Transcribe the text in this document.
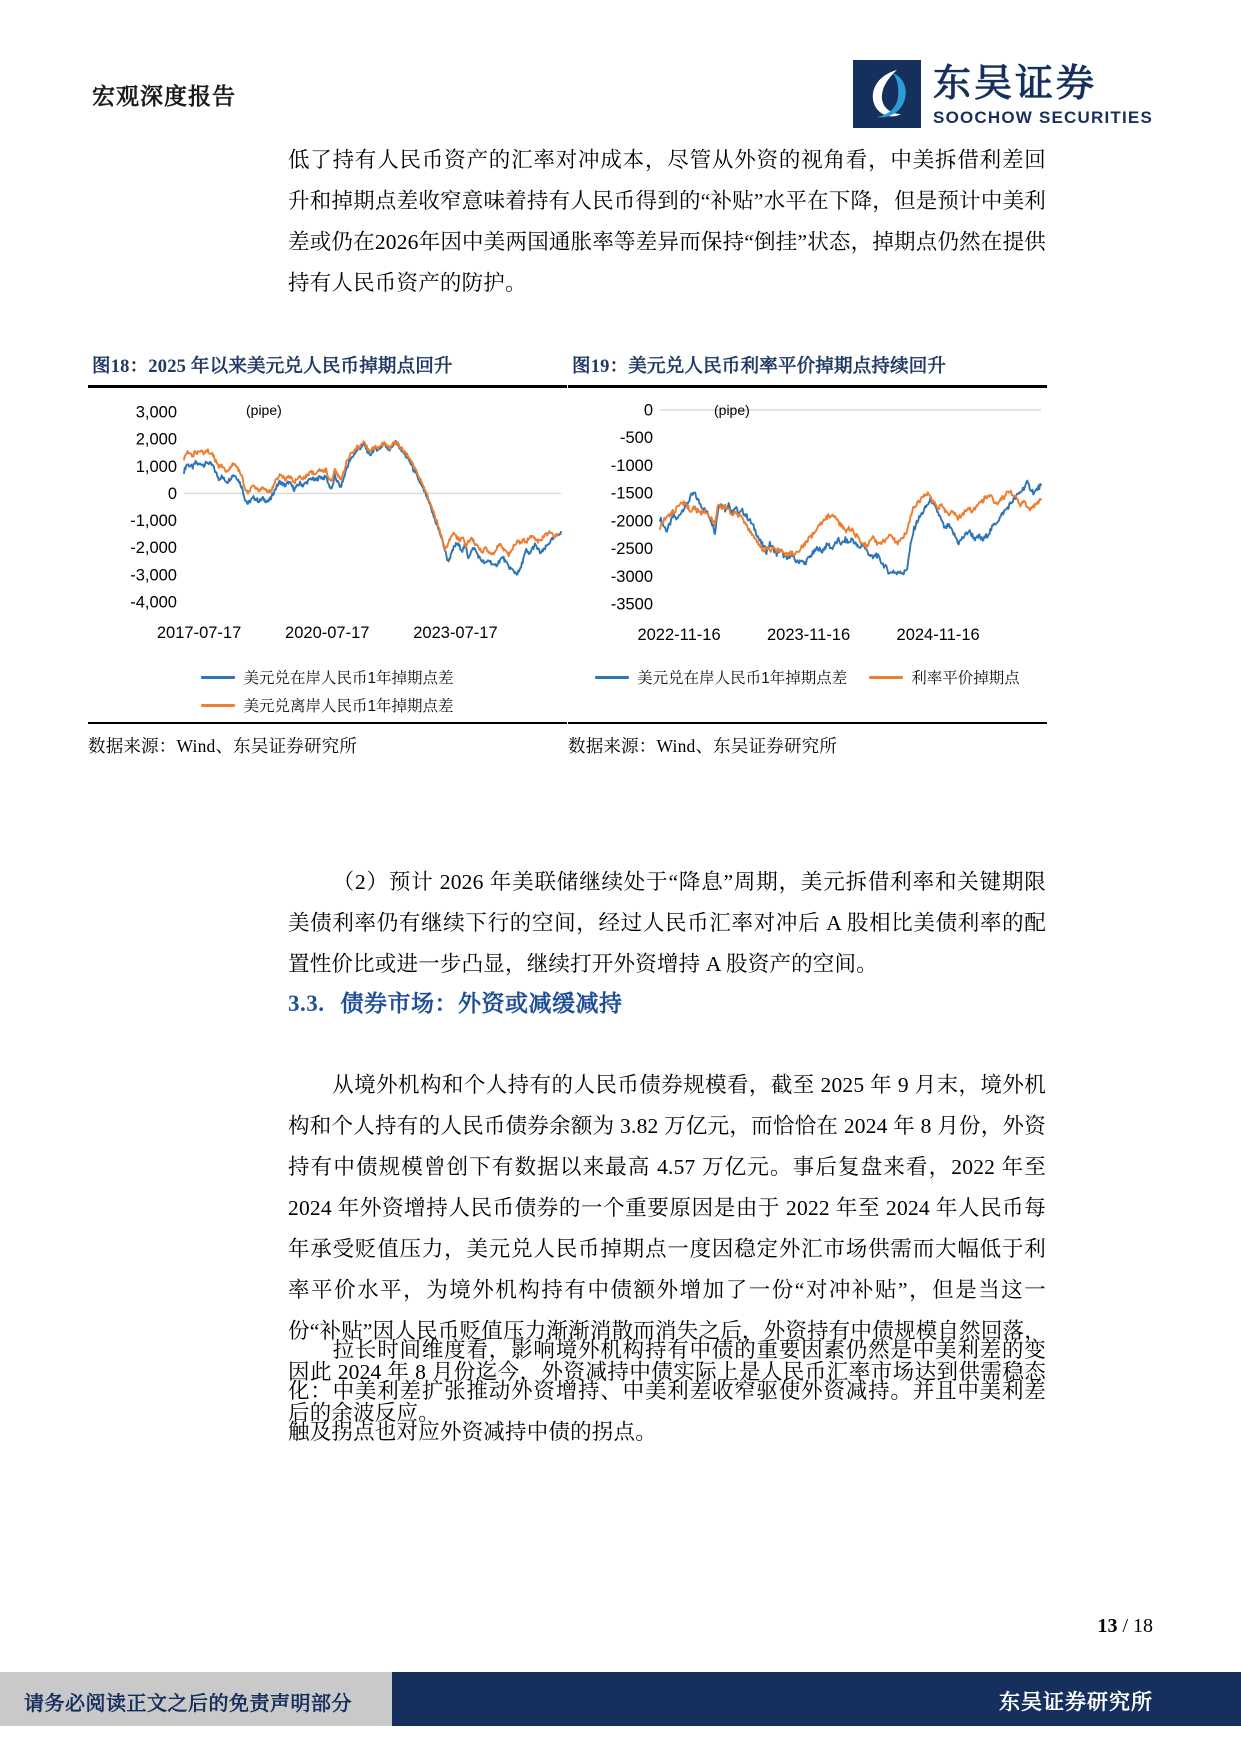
宏观深度报告	东吴证券
SOOCHOW SECURITIES
低了持有人民币资产的汇率对冲成本，尽管从外资的视角看，中美拆借利差回升和掉期点差收窄意味着持有人民币得到的“补贴”水平在下降，但是预计中美利差或仍在2026年因中美两国通胀率等差异而保持“倒挂”状态，掉期点仍然在提供持有人民币资产的防护。
图18：2025 年以来美元兑人民币掉期点回升
(pipe)
3,000
2,000
1,000
0
-1,000
-2,000
-3,000
-4,000
2017-07-17	2020-07-17	2023-07-17
美元兑在岸人民币1年掉期点差
美元兑离岸人民币1年掉期点差
数据来源：Wind、东吴证券研究所
图19：美元兑人民币利率平价掉期点持续回升
(pipe)
0
-500
-1000
-1500
-2000
-2500
-3000
-3500
2022-11-16	2023-11-16	2024-11-16
美元兑在岸人民币1年掉期点差	利率平价掉期点
数据来源：Wind、东吴证券研究所
（2）预计 2026 年美联储继续处于“降息”周期，美元拆借利率和关键期限美债利率仍有继续下行的空间，经过人民币汇率对冲后 A 股相比美债利率的配置性价比或进一步凸显，继续打开外资增持 A 股资产的空间。
3.3. 债券市场：外资或减缓减持
从境外机构和个人持有的人民币债券规模看，截至 2025 年 9 月末，境外机构和个人持有的人民币债券余额为 3.82 万亿元，而恰恰在 2024 年 8 月份，外资持有中债规模曾创下有数据以来最高 4.57 万亿元。事后复盘来看，2022 年至 2024 年外资增持人民币债券的一个重要原因是由于 2022 年至 2024 年人民币每年承受贬值压力，美元兑人民币掉期点一度因稳定外汇市场供需而大幅低于利率平价水平，为境外机构持有中债额外增加了一份“对冲补贴”，但是当这一份“补贴”因人民币贬值压力渐渐消散而消失之后，外资持有中债规模自然回落，因此 2024 年 8 月份迄今，外资减持中债实际上是人民币汇率市场达到供需稳态后的余波反应。
拉长时间维度看，影响境外机构持有中债的重要因素仍然是中美利差的变化：中美利差扩张推动外资增持、中美利差收窄驱使外资减持。并且中美利差触及拐点也对应外资减持中债的拐点。
13 / 18
请务必阅读正文之后的免责声明部分	东吴证券研究所
